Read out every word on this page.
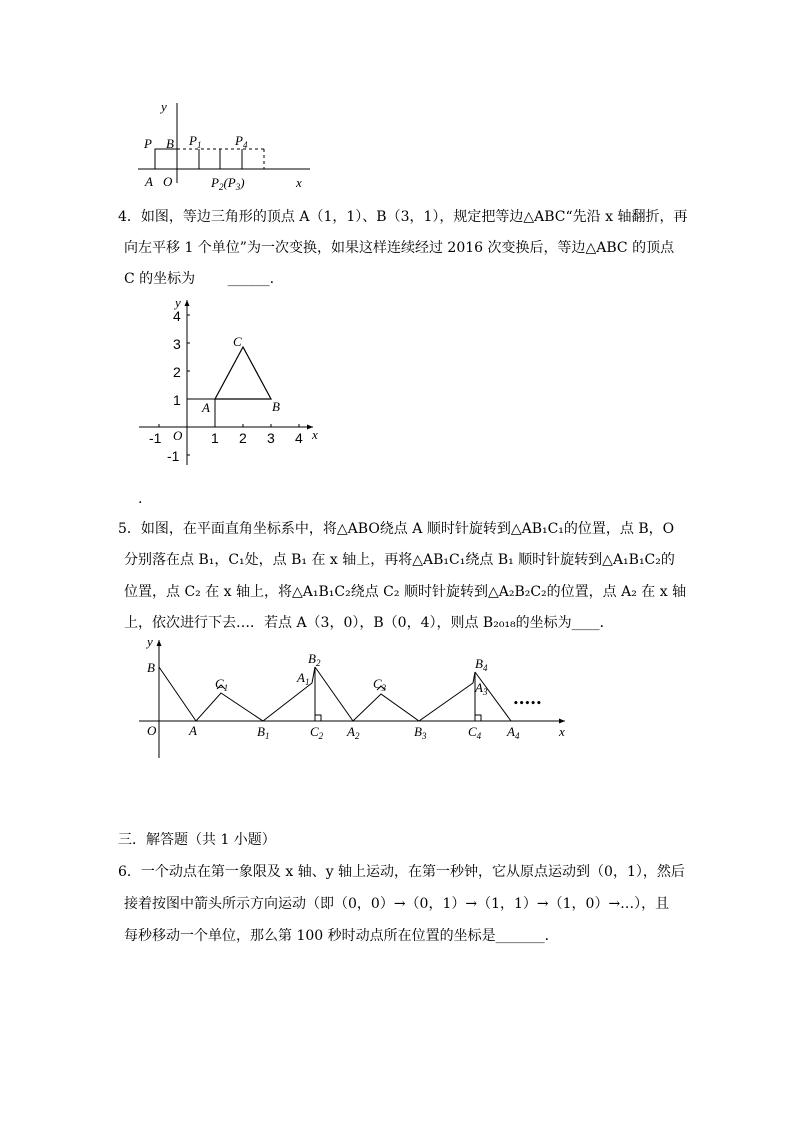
y
P B
A O	x
$P_1$	$P_4$
$P_2(P_3)$
4．如图，等边三角形的顶点 A（1，1）、B（3，1），规定把等边△ABC“先沿 x 轴翻折，再
向左平移 1 个单位”为一次变换，如果这样连续经过 2016 次变换后，等边△ABC 的顶点
C 的坐标为 ______.
4
3
2
1
-1
-1	1 2 3 4
O	x
y
A	B
C
.
5．如图，在平面直角坐标系中，将△ABO绕点 A 顺时针旋转到△AB₁C₁的位置，点 B，O
分别落在点 B₁，C₁处，点 B₁ 在 x 轴上，再将△AB₁C₁绕点 B₁ 顺时针旋转到△A₁B₁C₂的
位置，点 C₂ 在 x 轴上，将△A₁B₁C₂绕点 C₂ 顺时针旋转到△A₂B₂C₂的位置，点 A₂ 在 x 轴
上，依次进行下去…．若点 A（3，0），B（0，4），则点 B₂₀₁₈的坐标为____．
y
B
$C_1$
$B_2$
$A_1$	$C_3$
$B_4$
$A_3$
O	A	$B_1$	$C_2$ $A_2$	$B_3$	$C_4$ $A_4$	x
•••••
三．解答题（共 1 小题）
6．一个动点在第一象限及 x 轴、y 轴上运动，在第一秒钟，它从原点运动到（0，1），然后
接着按图中箭头所示方向运动（即（0，0）→（0，1）→（1，1）→（1，0）→…），且
每秒移动一个单位，那么第 100 秒时动点所在位置的坐标是_______．
